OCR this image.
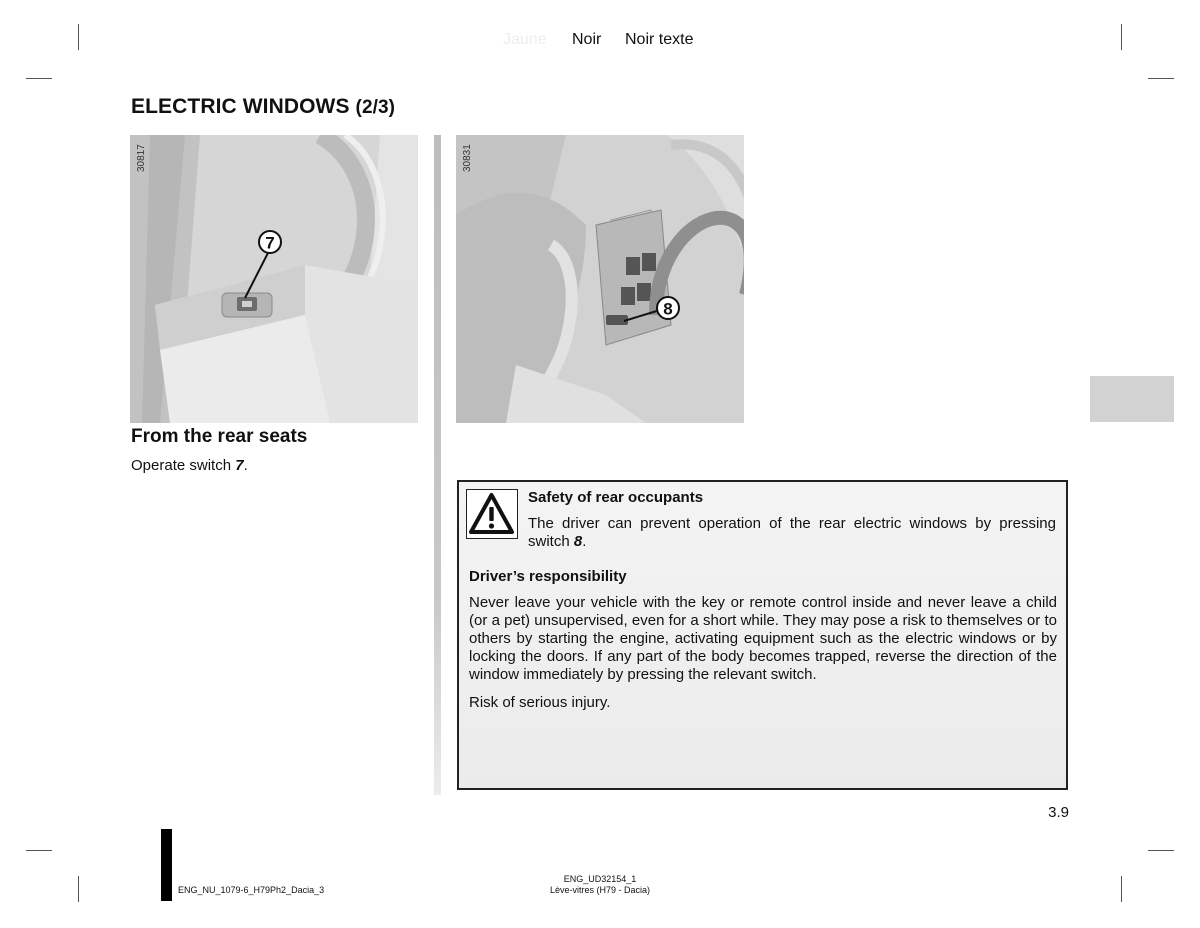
Jaune Noir Noir texte
ELECTRIC WINDOWS (2/3)
7
30817
8
30831
From the rear seats
Operate switch 7.
Safety of rear occupants
The driver can prevent operation of the rear electric windows by pressing switch 8.
Driver’s responsibility
Never leave your vehicle with the key or remote control inside and never leave a child (or a pet) unsupervised, even for a short while. They may pose a risk to themselves or to others by starting the engine, activating equipment such as the electric windows or by locking the doors. If any part of the body becomes trapped, reverse the direction of the window immediately by pressing the relevant switch.
Risk of serious injury.
3.9
ENG_NU_1079-6_H79Ph2_Dacia_3
ENG_UD32154_1
Lève-vitres (H79 - Dacia)
